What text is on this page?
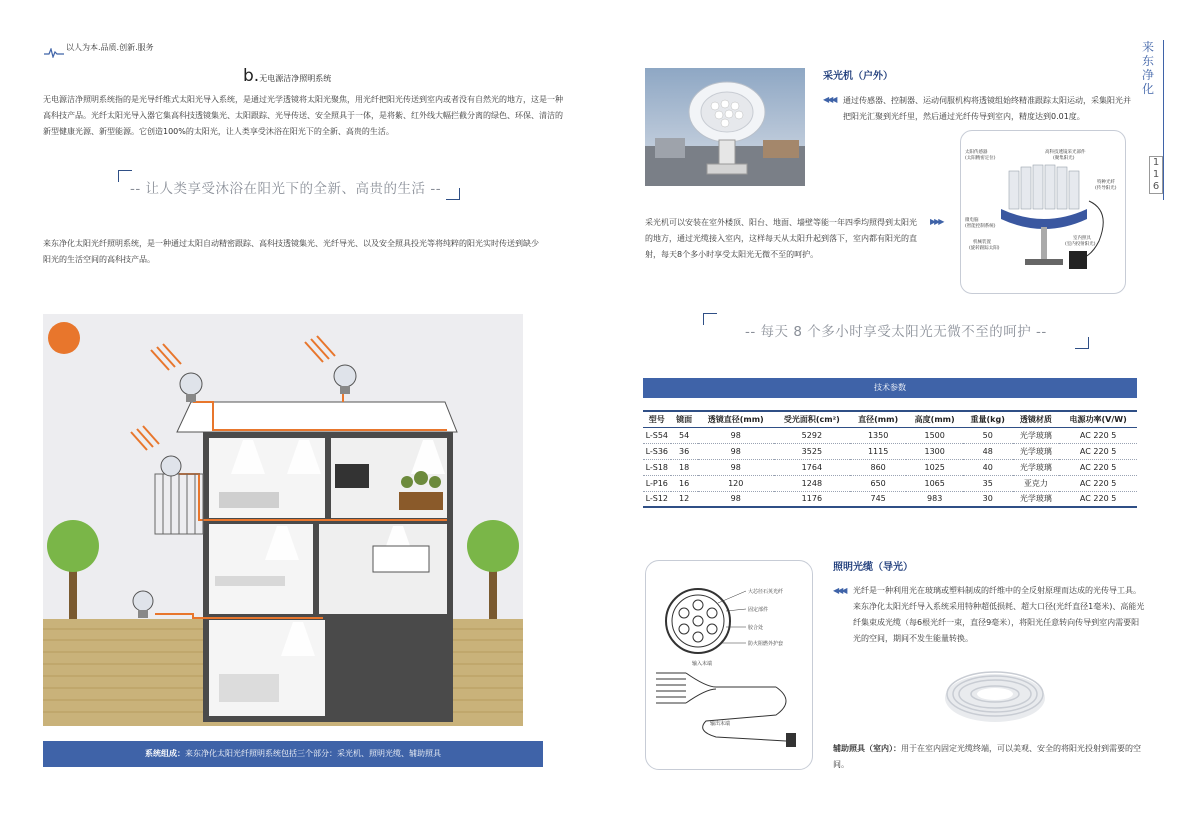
以人为本.品质.创新.服务
b.无电源洁净照明系统
无电源洁净照明系统指的是光导纤维式太阳光导入系统，是通过光学透镜将太阳光聚焦，用光纤把阳光传送到室内或者没有自然光的地方，这是一种高科技产品。光纤太阳光导入器它集高科技透镜集光、太阳跟踪、光导传送、安全照具于一体，是将紫、红外线大幅拦截分离的绿色、环保、清洁的新型健康光源、新型能源。它创造100%的太阳光，让人类享受沐浴在阳光下的全新、高贵的生活。
-- 让人类享受沐浴在阳光下的全新、高贵的生活 --
来东净化太阳光纤照明系统，是一种通过太阳自动精密跟踪、高科技透镜集光、光纤导光、以及安全照具投光等将纯粹的阳光实时传送到缺少阳光的生活空间的高科技产品。
系统组成：来东净化太阳光纤照明系统包括三个部分：采光机、照明光缆、辅助照具
采光机（户外）
◀◀◀ 通过传感器、控制器、运动伺服机构将透镜组始终精准跟踪太阳运动，采集阳光并把阳光汇聚到光纤里，然后通过光纤传导到室内，精度达到0.01度。
太阳传感器
(太阳精密定位)
高科技透镜采光部件
(聚集阳光)
特种光纤
(传导阳光)
微电脑
(智能控制系统)
机械装置
(旋转跟踪太阳)
室内照具
(室内投射阳光)
采光机可以安装在室外楼顶、阳台、地面、墙壁等能一年四季均照得到太阳光的地方，通过光缆接入室内，这样每天从太阳升起到落下，室内都有阳光的直射，每天8个多小时享受太阳光无微不至的呵护。
▶▶▶
来东净化
116
-- 每天 8 个多小时享受太阳光无微不至的呵护 --
技术参数
型号	镜面	透镜直径(mm)	受光面积(cm²)	直径(mm)	高度(mm)	重量(kg)	透镜材质	电源功率(V/W)
L-S54	54	98	5292	1350	1500	50	光学玻璃	AC 220 5
L-S36	36	98	3525	1115	1300	48	光学玻璃	AC 220 5
L-S18	18	98	1764	860	1025	40	光学玻璃	AC 220 5
L-P16	16	120	1248	650	1065	35	亚克力	AC 220 5
L-S12	12	98	1176	745	983	30	光学玻璃	AC 220 5
大芯径石英光纤
固定部件
胶合处
防火阻燃外护套
输入末端
输出末端
照明光缆（导光）
◀◀◀ 光纤是一种利用光在玻璃或塑料制成的纤维中的全反射原理而达成的光传导工具。来东净化太阳光纤导入系统采用特种超低损耗、超大口径(光纤直径1毫米)、高能光纤集束成光缆（每6根光纤一束，直径9毫米），将阳光任意转向传导到室内需要阳光的空间，期间不发生能量转换。
辅助照具（室内）：用于在室内固定光缆终端，可以美观、安全的将阳光投射到需要的空间。
